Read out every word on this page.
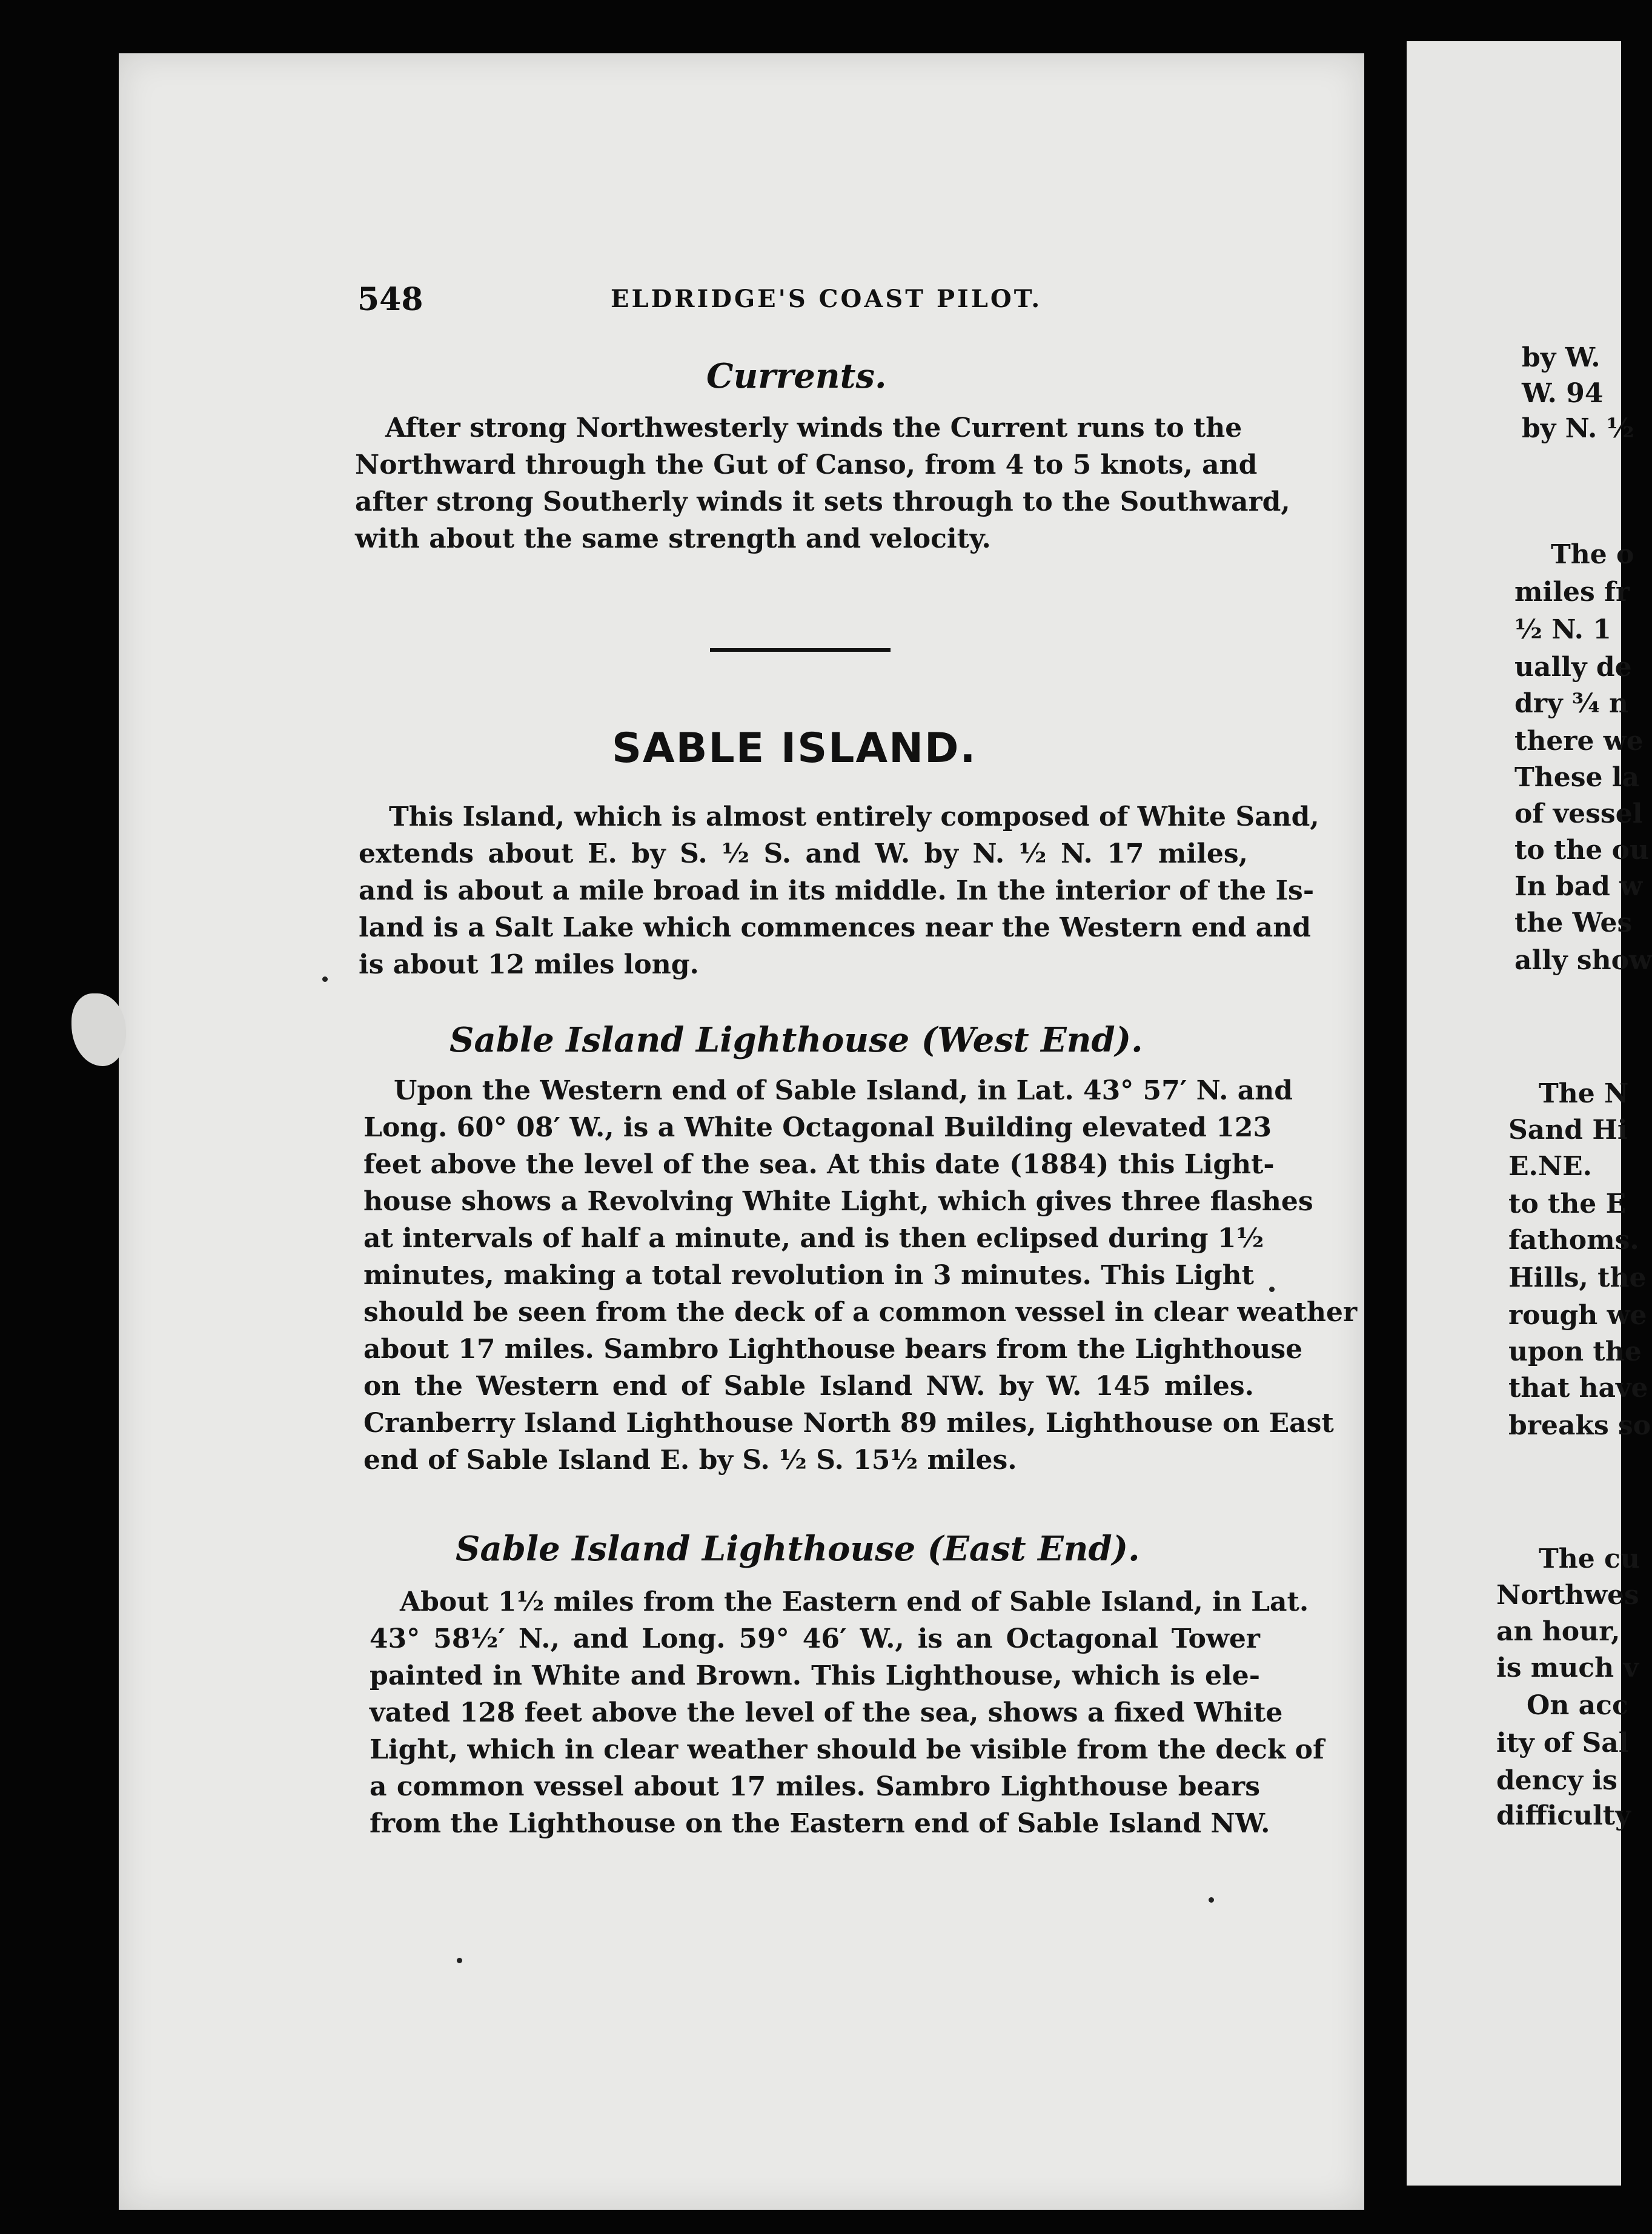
548	ELDRIDGE'S COAST PILOT.
Currents.

After strong Northwesterly winds the Current runs to the

Northward through the Gut of Canso, from 4 to 5 knots, and

after strong Southerly winds it sets through to the Southward,

with about the same strength and velocity.

SABLE ISLAND.

This Island, which is almost entirely composed of White Sand,

extends about E. by S. ½ S. and W. by N. ½ N. 17 miles,

and is about a mile broad in its middle. In the interior of the Is-

land is a Salt Lake which commences near the Western end and

is about 12 miles long.

Sable Island Lighthouse (West End).

Upon the Western end of Sable Island, in Lat. 43° 57′ N. and

Long. 60° 08′ W., is a White Octagonal Building elevated 123

feet above the level of the sea. At this date (1884) this Light-

house shows a Revolving White Light, which gives three flashes

at intervals of half a minute, and is then eclipsed during 1½

minutes, making a total revolution in 3 minutes. This Light

should be seen from the deck of a common vessel in clear weather

about 17 miles. Sambro Lighthouse bears from the Lighthouse

on the Western end of Sable Island NW. by W. 145 miles.

Cranberry Island Lighthouse North 89 miles, Lighthouse on East

end of Sable Island E. by S. ½ S. 15½ miles.

Sable Island Lighthouse (East End).

About 1½ miles from the Eastern end of Sable Island, in Lat.

43° 58½′ N., and Long. 59° 46′ W., is an Octagonal Tower

painted in White and Brown. This Lighthouse, which is ele-

vated 128 feet above the level of the sea, shows a fixed White

Light, which in clear weather should be visible from the deck of

a common vessel about 17 miles. Sambro Lighthouse bears

from the Lighthouse on the Eastern end of Sable Island NW.

by W.
W. 94
by N. ½
The o
miles fr
½ N. 1
ually de
dry ¾ n
there we
These la
of vessel
to the ou
In bad w
the Wes
ally show
The N
Sand Hi
E.NE.
to the E
fathoms.
Hills, the
rough we
upon the
that have
breaks so
The cu
Northwes
an hour,
is much v
On acc
ity of Sal
dency is
difficulty
